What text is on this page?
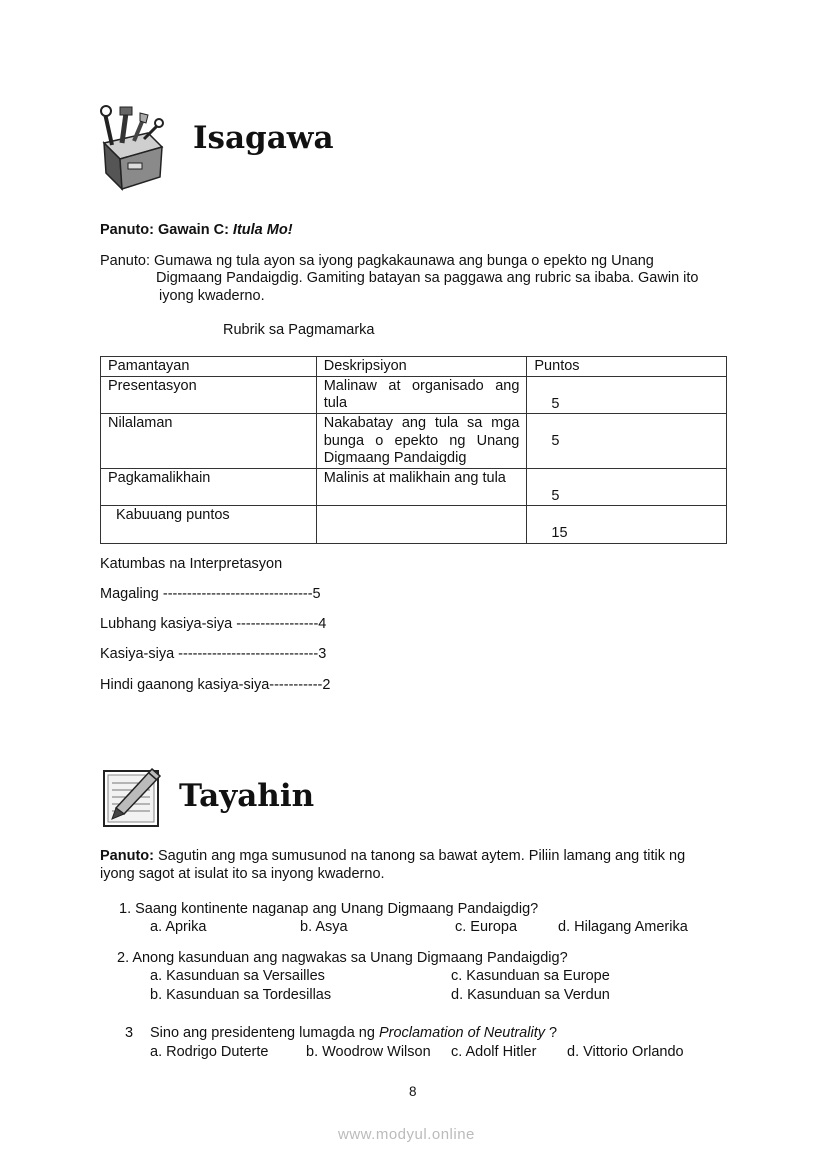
Isagawa
Panuto: Gawain C: Itula Mo!
Panuto: Gumawa ng tula ayon sa iyong pagkakaunawa ang bunga o epekto ng Unang
Digmaang Pandaigdig. Gamiting batayan sa paggawa ang rubric sa ibaba. Gawin ito
iyong kwaderno.
Rubrik sa Pagmamarka
Pamantayan	Deskripsiyon	Puntos
Presentasyon	Malinaw at organisado ang tula	5

Nilalaman	Nakabatay ang tula sa mga bunga o epekto ng Unang Digmaang Pandaigdig	5

Pagkamalikhain	Malinis at malikhain ang tula	5

Kabuuang puntos		15
Katumbas na Interpretasyon
Magaling -------------------------------5
Lubhang kasiya-siya -----------------4
Kasiya-siya -----------------------------3
Hindi gaanong kasiya-siya-----------2
Tayahin
Panuto: Sagutin ang mga sumusunod na tanong sa bawat aytem. Piliin lamang ang titik ng
iyong sagot at isulat ito sa inyong kwaderno.
1. Saang kontinente naganap ang Unang Digmaang Pandaigdig?
a. Aprika	b. Asya	c. Europa	d. Hilagang Amerika
2. Anong kasunduan ang nagwakas sa Unang Digmaang Pandaigdig?
a. Kasunduan sa Versailles	c. Kasunduan sa Europe
b. Kasunduan sa Tordesillas	d. Kasunduan sa Verdun
3 Sino ang presidenteng lumagda ng Proclamation of Neutrality ?
a. Rodrigo Duterte	b. Woodrow Wilson c. Adolf Hitler d. Vittorio Orlando
8
www.modyul.online
